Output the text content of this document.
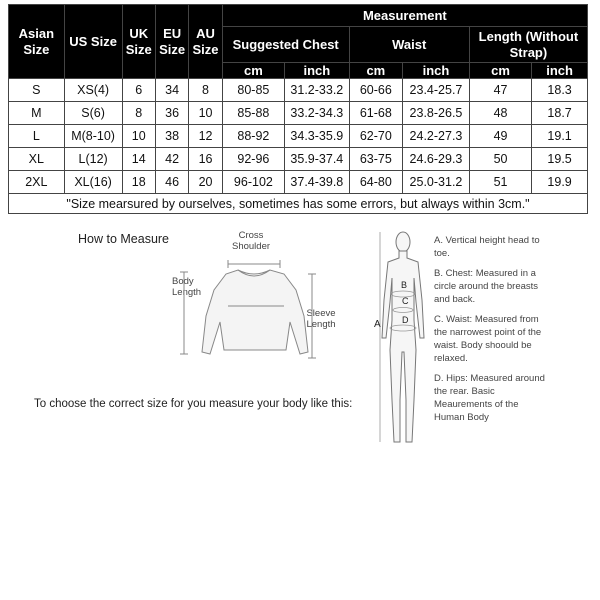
Asian Size	US Size	UK Size	EU Size	AU Size	Measurement					
					Suggested Chest		Waist		Length (Without Strap)	
					cm	inch	cm	inch	cm	inch
S	XS(4)	6	34	8	80-85	31.2-33.2	60-66	23.4-25.7	47	18.3
M	S(6)	8	36	10	85-88	33.2-34.3	61-68	23.8-26.5	48	18.7
L	M(8-10)	10	38	12	88-92	34.3-35.9	62-70	24.2-27.3	49	19.1
XL	L(12)	14	42	16	92-96	35.9-37.4	63-75	24.6-29.3	50	19.5
2XL	XL(16)	18	46	20	96-102	37.4-39.8	64-80	25.0-31.2	51	19.9
"Size mearsured by ourselves, sometimes has some errors, but always within 3cm."										
How to Measure	Cross Shoulder
Body Length
Sleeve Length
To choose the correct size for you measure your body like this:
A
B
C
D
A. Vertical height head to toe.
B. Chest: Measured in a circle around the breasts and back.
C. Waist: Measured from the narrowest point of the waist. Body shoould be relaxed.
D. Hips: Measured around the rear. Basic Meaurements of the Human Body
